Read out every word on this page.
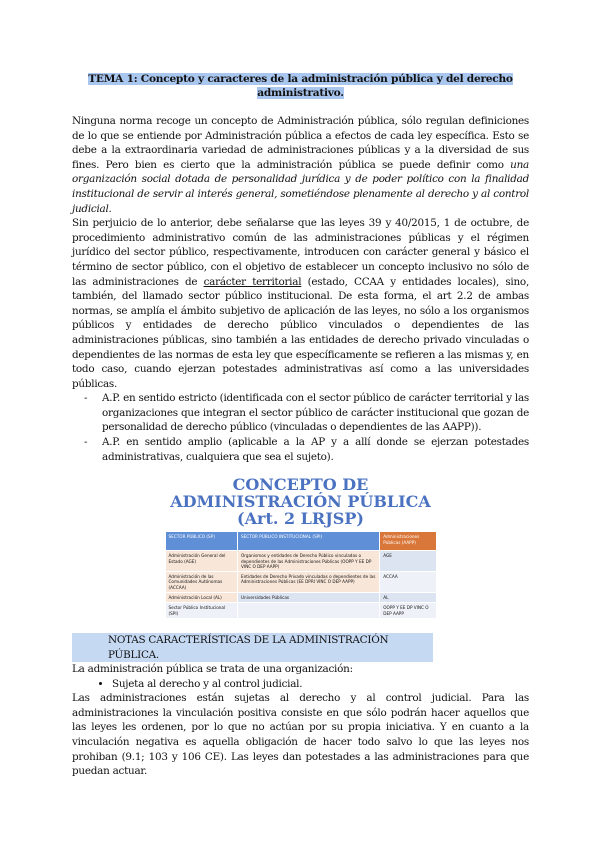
TEMA 1: Concepto y caracteres de la administración pública y del derecho administrativo.

Ninguna norma recoge un concepto de Administración pública, sólo regulan definiciones de lo que se entiende por Administración pública a efectos de cada ley específica. Esto se debe a la extraordinaria variedad de administraciones públicas y a la diversidad de sus fines. Pero bien es cierto que la administración pública se puede definir como una organización social dotada de personalidad jurídica y de poder político con la finalidad institucional de servir al interés general, sometiéndose plenamente al derecho y al control judicial.

Sin perjuicio de lo anterior, debe señalarse que las leyes 39 y 40/2015, 1 de octubre, de procedimiento administrativo común de las administraciones públicas y el régimen jurídico del sector público, respectivamente, introducen con carácter general y básico el término de sector público, con el objetivo de establecer un concepto inclusivo no sólo de las administraciones de carácter territorial (estado, CCAA y entidades locales), sino, también, del llamado sector público institucional. De esta forma, el art 2.2 de ambas normas, se amplía el ámbito subjetivo de aplicación de las leyes, no sólo a los organismos públicos y entidades de derecho público vinculados o dependientes de las administraciones públicas, sino también a las entidades de derecho privado vinculadas o dependientes de las normas de esta ley que específicamente se refieren a las mismas y, en todo caso, cuando ejerzan potestades administrativas así como a las universidades públicas.

- A.P. en sentido estricto (identificada con el sector público de carácter territorial y las organizaciones que integran el sector público de carácter institucional que gozan de personalidad de derecho público (vinculadas o dependientes de las AAPP)).
- A.P. en sentido amplio (aplicable a la AP y a allí donde se ejerzan potestades administrativas, cualquiera que sea el sujeto).
CONCEPTO DE ADMINISTRACIÓN PÚBLICA (Art. 2 LRJSP)
SECTOR PÚBLICO (SP)	SECTOR PÚBLICO INSTITUCIONAL (SPI)	Administraciones Públicas (AAPP)
Administración General del Estado (AGE)	Organismos y entidades de Derecho Público vinculadas o dependientes de las Administraciones Públicas (OOPP Y EE DP VINC O DEP AAPP)	AGE
Administración de las Comunidades Autónomas (ACCAA)	Entidades de Derecho Privado vinculadas o dependientes de las Administraciones Públicas (EE DPRI VINC O DEP AAPP)	ACCAA
Administración Local (AL)	Universidades Públicas	AL
Sector Público Institucional (SPI)		OOPP Y EE DP VINC O DEP AAPP
NOTAS CARACTERÍSTICAS DE LA ADMINISTRACIÓN PÚBLICA.

La administración pública se trata de una organización:

• Sujeta al derecho y al control judicial.

Las administraciones están sujetas al derecho y al control judicial. Para las administraciones la vinculación positiva consiste en que sólo podrán hacer aquellos que las leyes les ordenen, por lo que no actúan por su propia iniciativa. Y en cuanto a la vinculación negativa es aquella obligación de hacer todo salvo lo que las leyes nos prohiban (9.1; 103 y 106 CE). Las leyes dan potestades a las administraciones para que puedan actuar.
